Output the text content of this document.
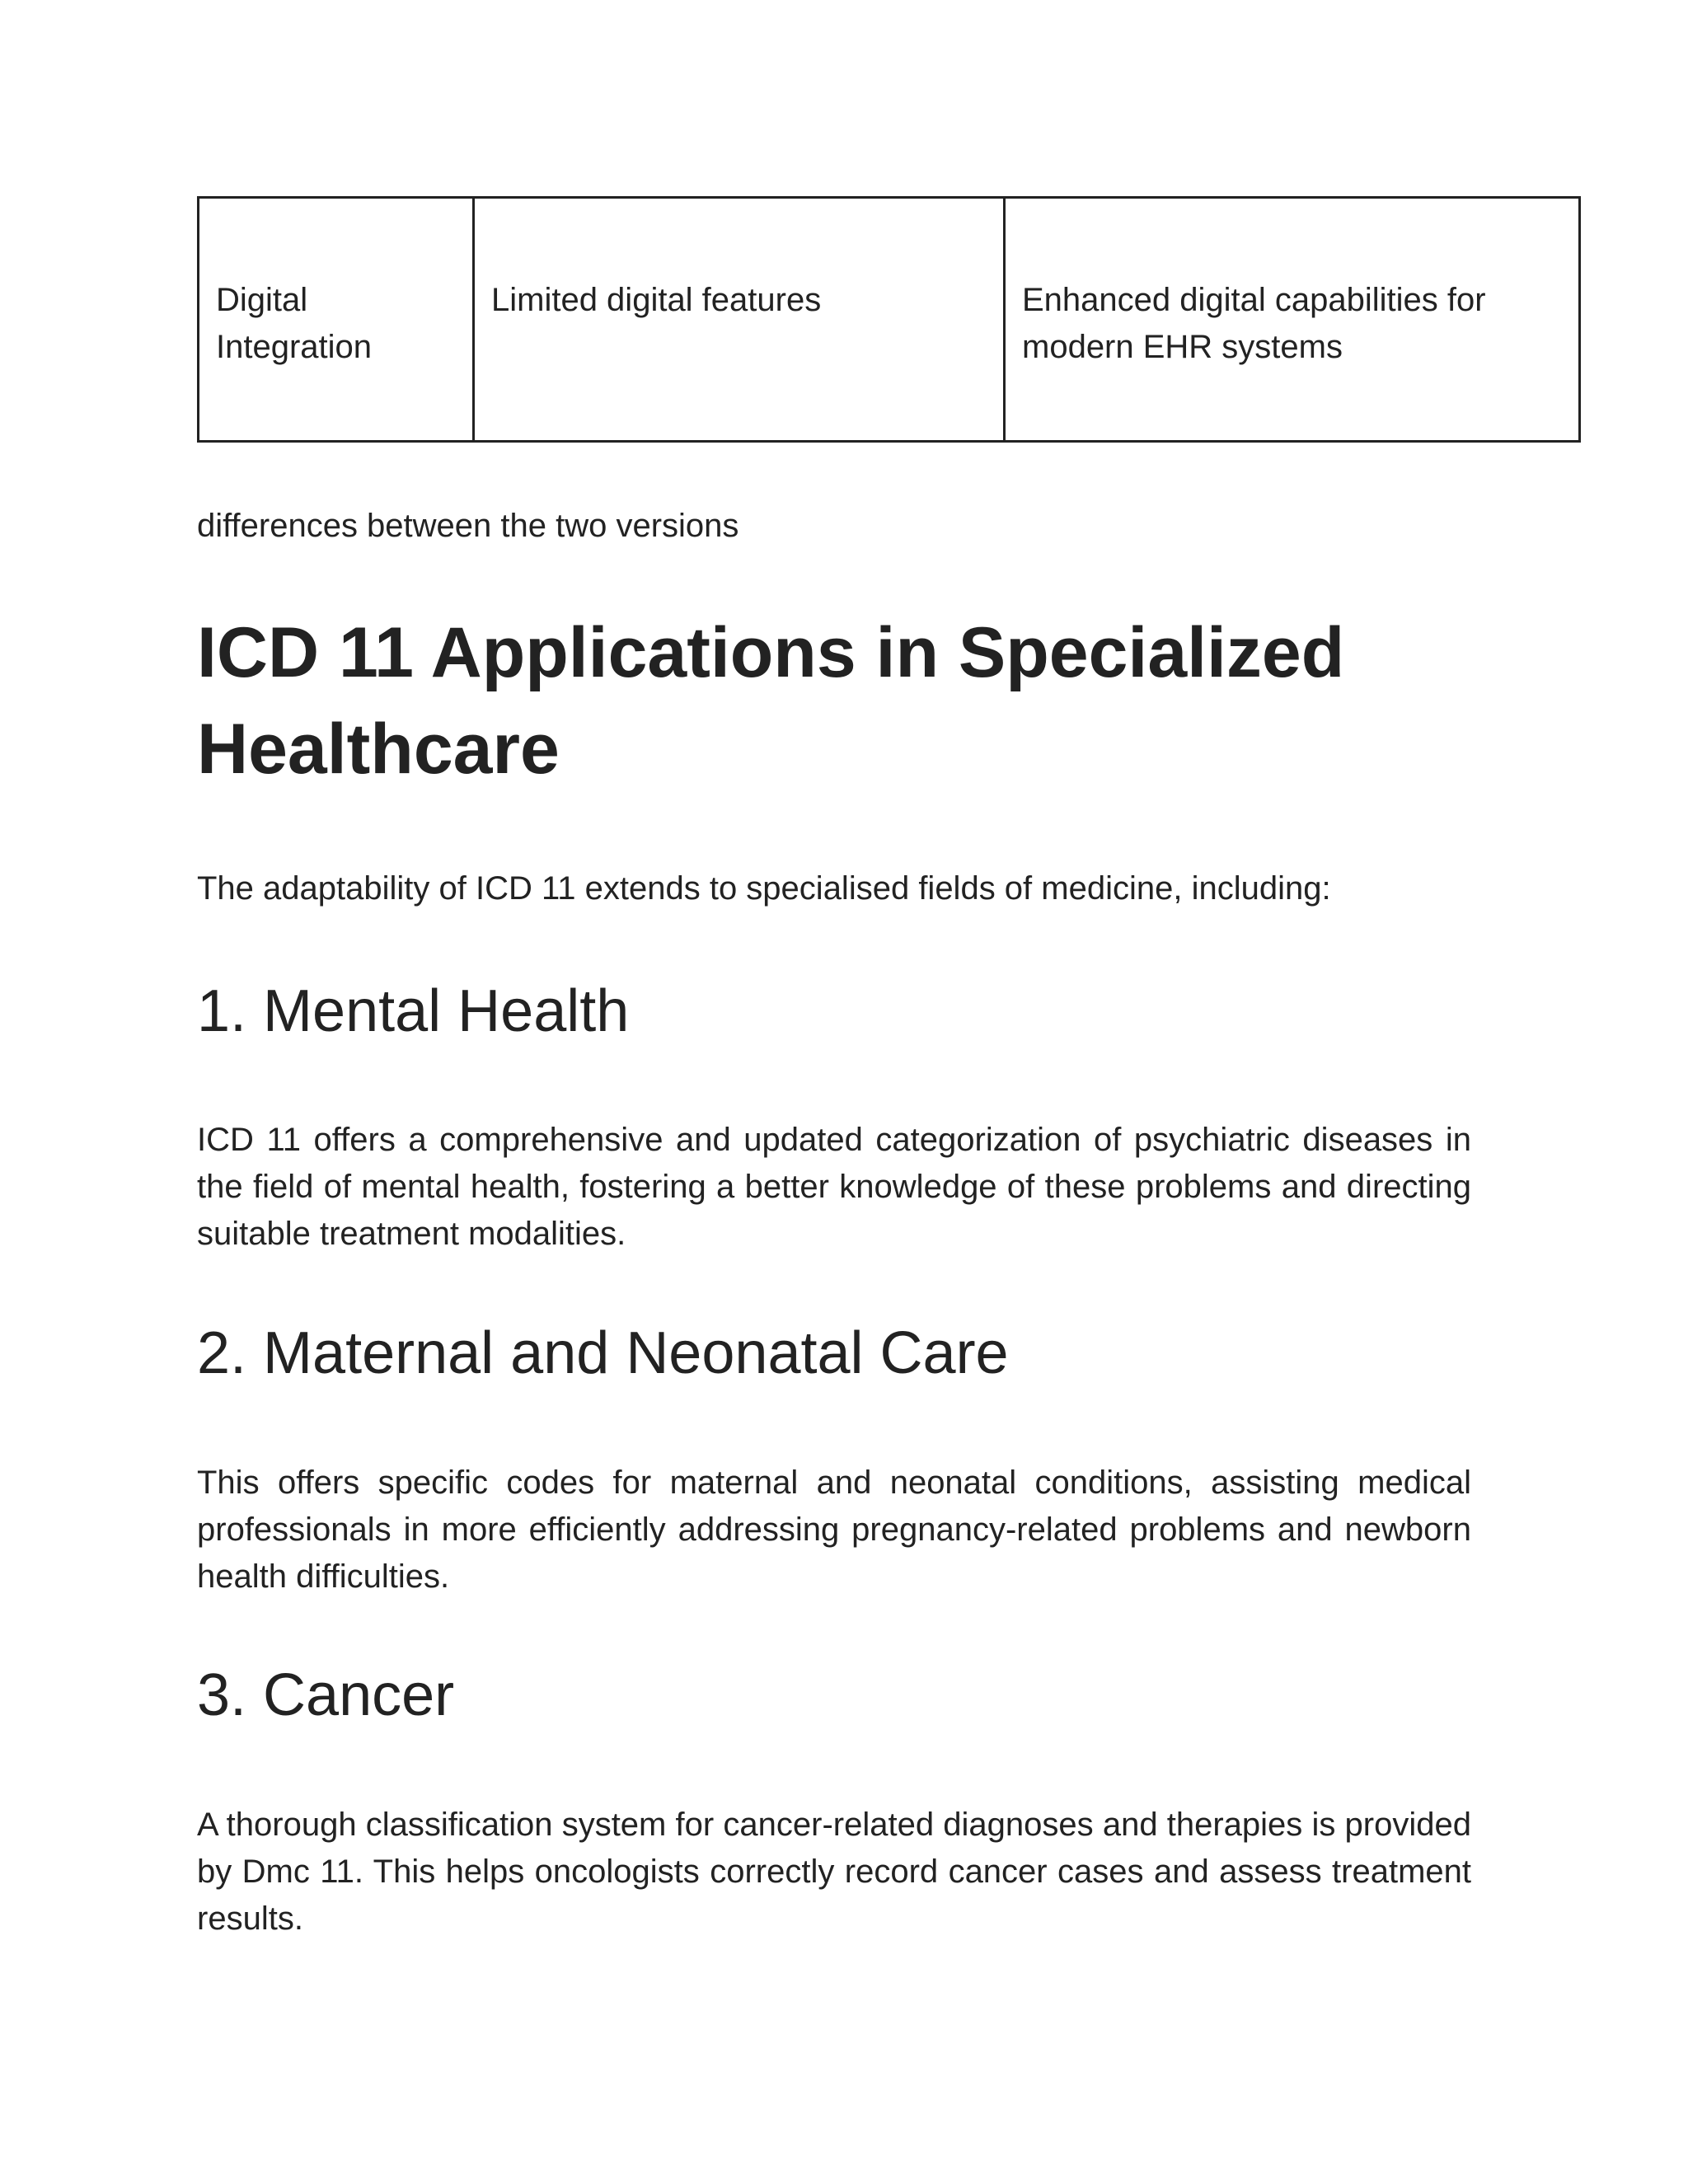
Digital Integration	Limited digital features	Enhanced digital capabilities for modern EHR systems

differences between the two versions

ICD 11 Applications in Specialized Healthcare

The adaptability of ICD 11 extends to specialised fields of medicine, including:

1. Mental Health

ICD 11 offers a comprehensive and updated categorization of psychiatric diseases in the field of mental health, fostering a better knowledge of these problems and directing suitable treatment modalities.

2. Maternal and Neonatal Care

This offers specific codes for maternal and neonatal conditions, assisting medical professionals in more efficiently addressing pregnancy-related problems and newborn health difficulties.

3. Cancer

A thorough classification system for cancer-related diagnoses and therapies is provided by Dmc 11. This helps oncologists correctly record cancer cases and assess treatment results.
